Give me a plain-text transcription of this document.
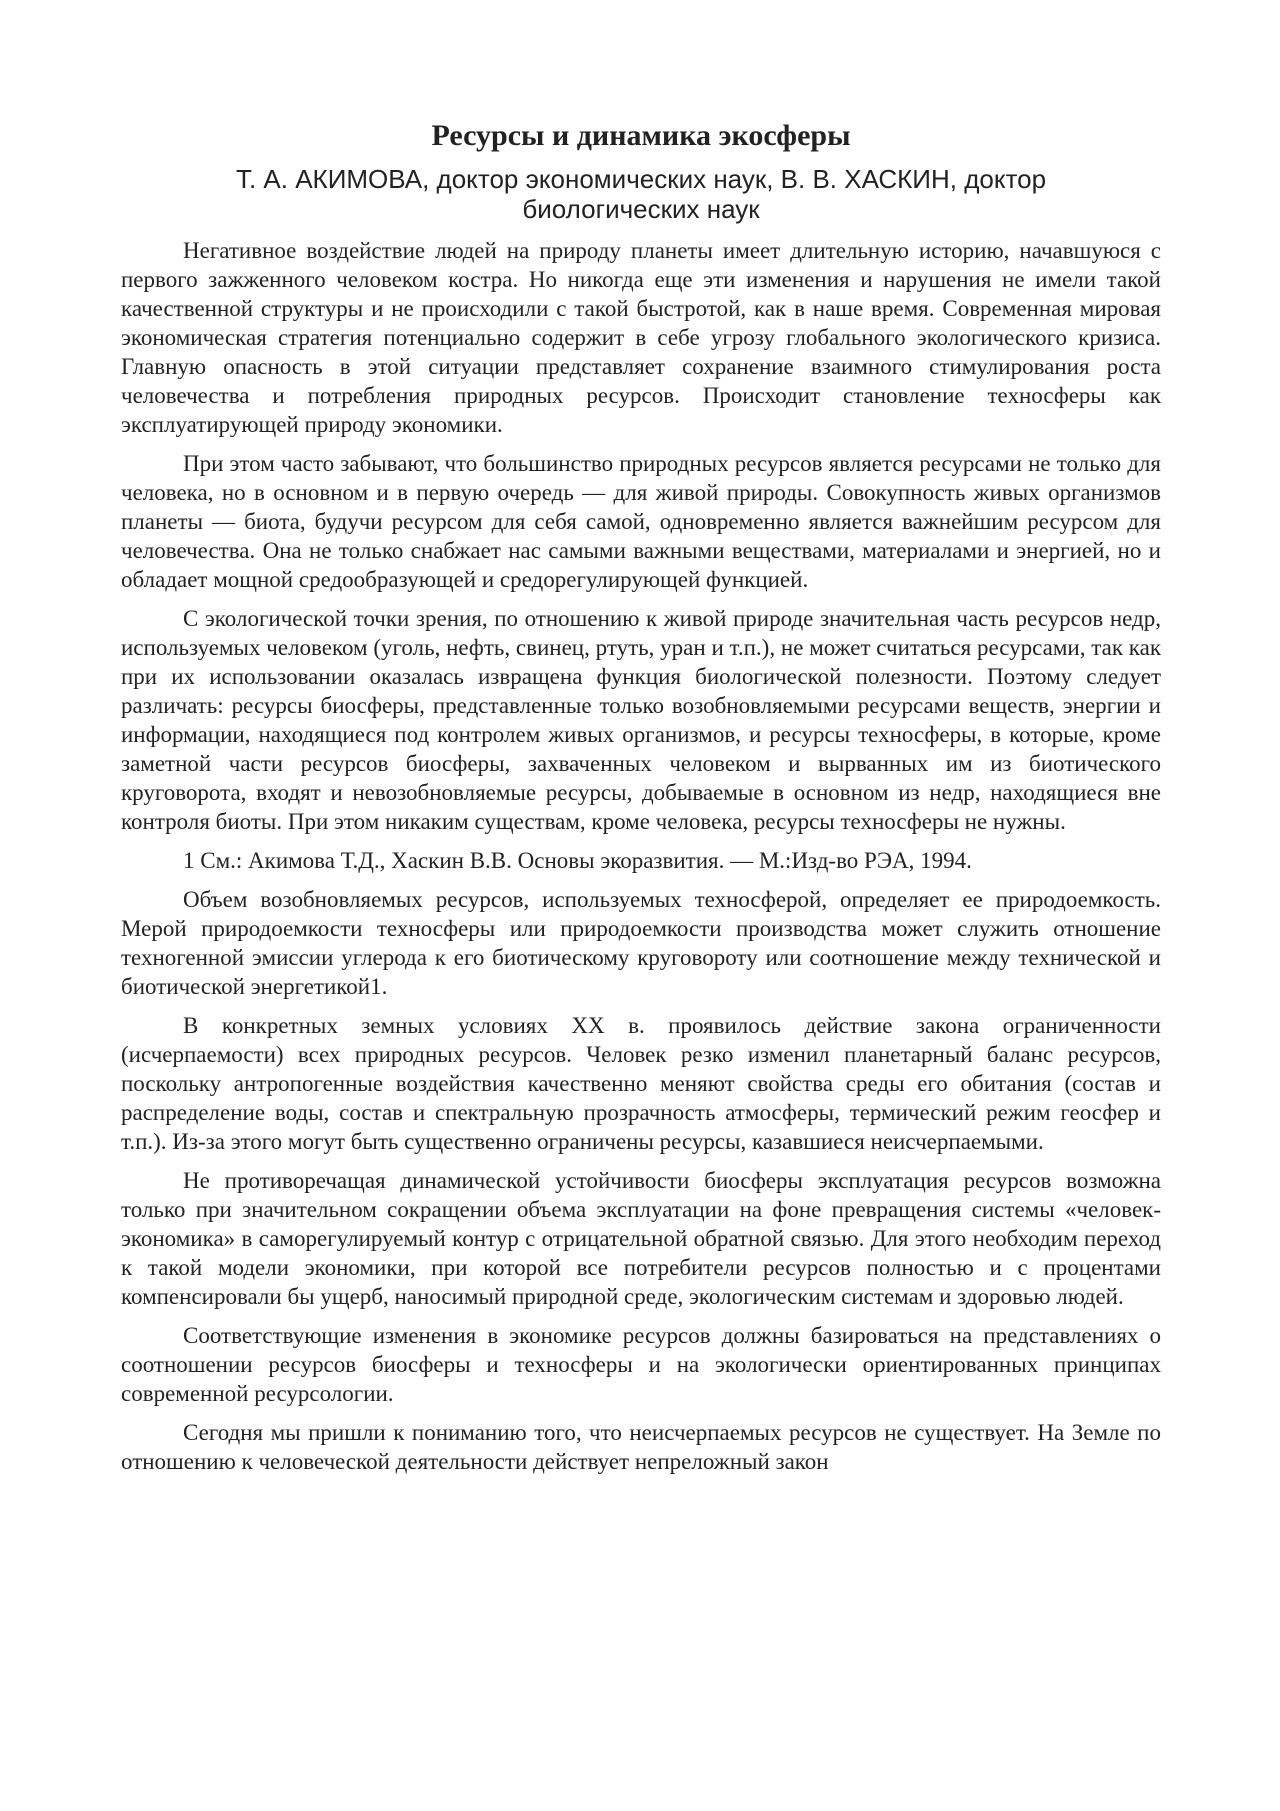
Ресурсы и динамика экосферы
Т. А. АКИМОВА, доктор экономических наук, В. В. ХАСКИН, доктор биологических наук

Негативное воздействие людей на природу планеты имеет длительную историю, начавшуюся с первого зажженного человеком костра. Но никогда еще эти изменения и нарушения не имели такой качественной структуры и не происходили с такой быстротой, как в наше время. Современная мировая экономическая стратегия потенциально содержит в себе угрозу глобального экологического кризиса. Главную опасность в этой ситуации представляет сохранение взаимного стимулирования роста человечества и потребления природных ресурсов. Происходит становление техносферы как эксплуатирующей природу экономики.

При этом часто забывают, что большинство природных ресурсов является ресурсами не только для человека, но в основном и в первую очередь — для живой природы. Совокупность живых организмов планеты — биота, будучи ресурсом для себя самой, одновременно является важнейшим ресурсом для человечества. Она не только снабжает нас самыми важными веществами, материалами и энергией, но и обладает мощной средообразующей и средорегулирующей функцией.

С экологической точки зрения, по отношению к живой природе значительная часть ресурсов недр, используемых человеком (уголь, нефть, свинец, ртуть, уран и т.п.), не может считаться ресурсами, так как при их использовании оказалась извращена функция биологической полезности. Поэтому следует различать: ресурсы биосферы, представленные только возобновляемыми ресурсами веществ, энергии и информации, находящиеся под контролем живых организмов, и ресурсы техносферы, в которые, кроме заметной части ресурсов биосферы, захваченных человеком и вырванных им из биотического круговорота, входят и невозобновляемые ресурсы, добываемые в основном из недр, находящиеся вне контроля биоты. При этом никаким существам, кроме человека, ресурсы техносферы не нужны.

1 См.: Акимова Т.Д., Хаскин В.В. Основы экоразвития. — М.:Изд-во РЭА, 1994.

Объем возобновляемых ресурсов, используемых техносферой, определяет ее природоемкость. Мерой природоемкости техносферы или природоемкости производства может служить отношение техногенной эмиссии углерода к его биотическому круговороту или соотношение между технической и биотической энергетикой1.

В конкретных земных условиях XX в. проявилось действие закона ограниченности (исчерпаемости) всех природных ресурсов. Человек резко изменил планетарный баланс ресурсов, поскольку антропогенные воздействия качественно меняют свойства среды его обитания (состав и распределение воды, состав и спектральную прозрачность атмосферы, термический режим геосфер и т.п.). Из-за этого могут быть существенно ограничены ресурсы, казавшиеся неисчерпаемыми.

Не противоречащая динамической устойчивости биосферы эксплуатация ресурсов возможна только при значительном сокращении объема эксплуатации на фоне превращения системы «человек-экономика» в саморегулируемый контур с отрицательной обратной связью. Для этого необходим переход к такой модели экономики, при которой все потребители ресурсов полностью и с процентами компенсировали бы ущерб, наносимый природной среде, экологическим системам и здоровью людей.

Соответствующие изменения в экономике ресурсов должны базироваться на представлениях о соотношении ресурсов биосферы и техносферы и на экологически ориентированных принципах современной ресурсологии.

Сегодня мы пришли к пониманию того, что неисчерпаемых ресурсов не существует. На Земле по отношению к человеческой деятельности действует непреложный закон
